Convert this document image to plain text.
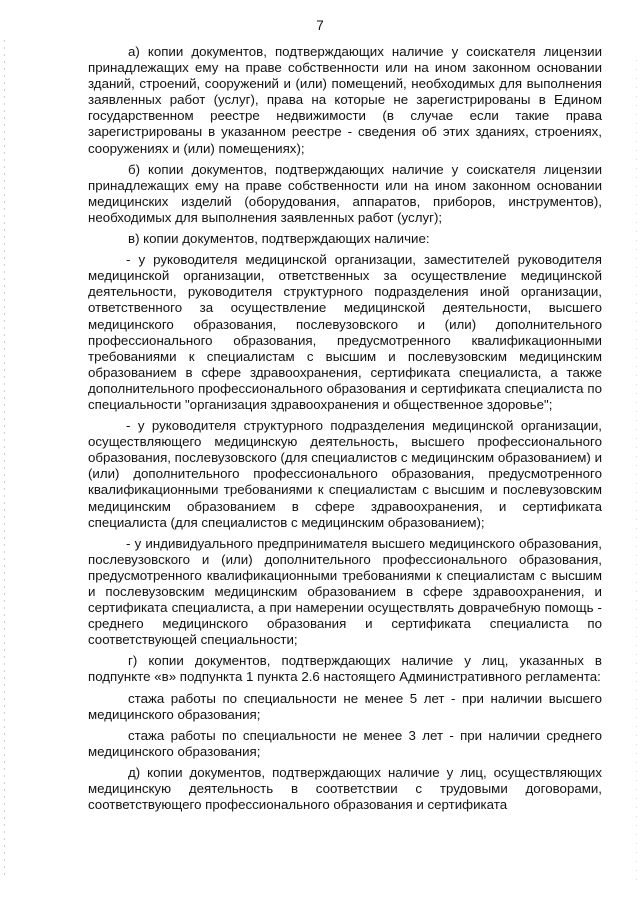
7

а) копии документов, подтверждающих наличие у соискателя лицензии принадлежащих ему на праве собственности или на ином законном основании зданий, строений, сооружений и (или) помещений, необходимых для выполнения заявленных работ (услуг), права на которые не зарегистрированы в Едином государственном реестре недвижимости (в случае если такие права зарегистрированы в указанном реестре - сведения об этих зданиях, строениях, сооружениях и (или) помещениях);

б) копии документов, подтверждающих наличие у соискателя лицензии принадлежащих ему на праве собственности или на ином законном основании медицинских изделий (оборудования, аппаратов, приборов, инструментов), необходимых для выполнения заявленных работ (услуг);

в) копии документов, подтверждающих наличие:

- у руководителя медицинской организации, заместителей руководителя медицинской организации, ответственных за осуществление медицинской деятельности, руководителя структурного подразделения иной организации, ответственного за осуществление медицинской деятельности, высшего медицинского образования, послевузовского и (или) дополнительного профессионального образования, предусмотренного квалификационными требованиями к специалистам с высшим и послевузовским медицинским образованием в сфере здравоохранения, сертификата специалиста, а также дополнительного профессионального образования и сертификата специалиста по специальности "организация здравоохранения и общественное здоровье";

- у руководителя структурного подразделения медицинской организации, осуществляющего медицинскую деятельность, высшего профессионального образования, послевузовского (для специалистов с медицинским образованием) и (или) дополнительного профессионального образования, предусмотренного квалификационными требованиями к специалистам с высшим и послевузовским медицинским образованием в сфере здравоохранения, и сертификата специалиста (для специалистов с медицинским образованием);

- у индивидуального предпринимателя высшего медицинского образования, послевузовского и (или) дополнительного профессионального образования, предусмотренного квалификационными требованиями к специалистам с высшим и послевузовским медицинским образованием в сфере здравоохранения, и сертификата специалиста, а при намерении осуществлять доврачебную помощь - среднего медицинского образования и сертификата специалиста по соответствующей специальности;

г) копии документов, подтверждающих наличие у лиц, указанных в подпункте «в» подпункта 1 пункта 2.6 настоящего Административного регламента:

стажа работы по специальности не менее 5 лет - при наличии высшего медицинского образования;

стажа работы по специальности не менее 3 лет - при наличии среднего медицинского образования;

д) копии документов, подтверждающих наличие у лиц, осуществляющих медицинскую деятельность в соответствии с трудовыми договорами, соответствующего профессионального образования и сертификата
